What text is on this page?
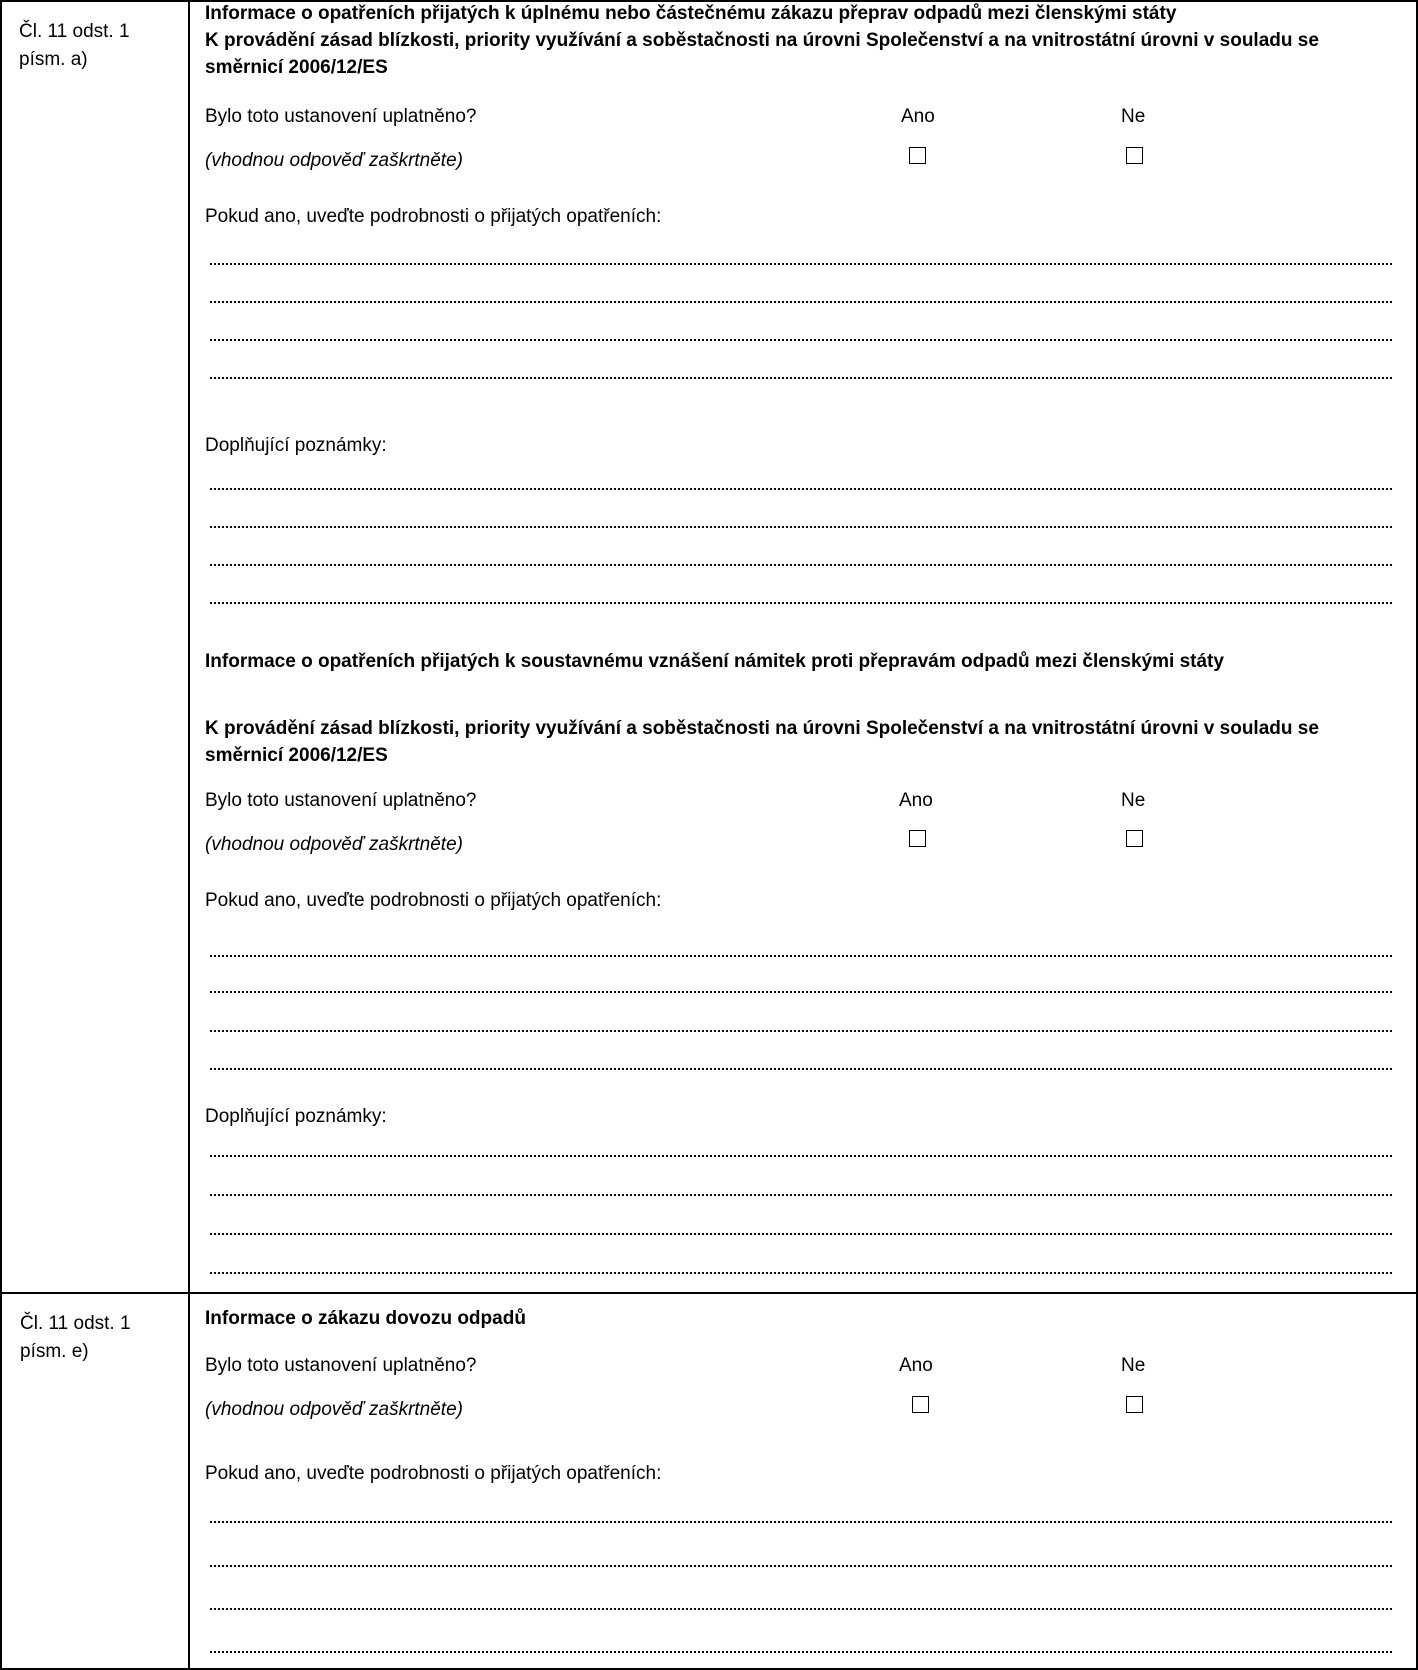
Čl. 11 odst. 1
písm. a)
Informace o opatřeních přijatých k úplnému nebo částečnému zákazu přeprav odpadů mezi členskými státy
K provádění zásad blízkosti, priority využívání a soběstačnosti na úrovni Společenství a na vnitrostátní úrovni v souladu se
směrnicí 2006/12/ES
Bylo toto ustanovení uplatněno?	Ano	Ne
(vhodnou odpověď zaškrtněte)
Pokud ano, uveďte podrobnosti o přijatých opatřeních:
Doplňující poznámky:
Informace o opatřeních přijatých k soustavnému vznášení námitek proti přepravám odpadů mezi členskými státy
K provádění zásad blízkosti, priority využívání a soběstačnosti na úrovni Společenství a na vnitrostátní úrovni v souladu se
směrnicí 2006/12/ES
Bylo toto ustanovení uplatněno?	Ano	Ne
(vhodnou odpověď zaškrtněte)
Pokud ano, uveďte podrobnosti o přijatých opatřeních:
Doplňující poznámky:
Čl. 11 odst. 1
písm. e)
Informace o zákazu dovozu odpadů
Bylo toto ustanovení uplatněno?	Ano	Ne
(vhodnou odpověď zaškrtněte)
Pokud ano, uveďte podrobnosti o přijatých opatřeních:
